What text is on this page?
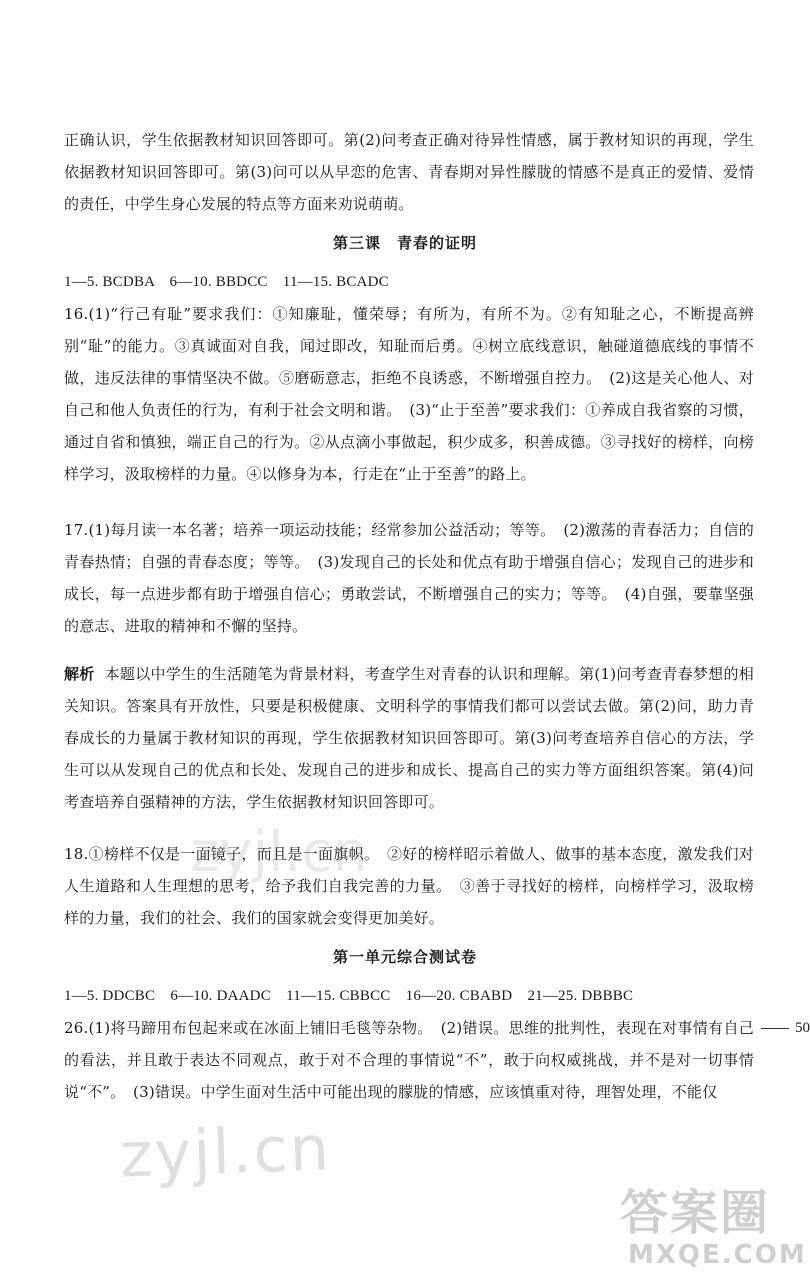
正确认识，学生依据教材知识回答即可。第(2)问考查正确对待异性情感，属于教材知识的再现，学生依据教材知识回答即可。第(3)问可以从早恋的危害、青春期对异性朦胧的情感不是真正的爱情、爱情的责任，中学生身心发展的特点等方面来劝说萌萌。

第三课　青春的证明

1—5. BCDBA　6—10. BBDCC　11—15. BCADC

16.(1)“行己有耻”要求我们：①知廉耻，懂荣辱；有所为，有所不为。②有知耻之心，不断提高辨别“耻”的能力。③真诚面对自我，闻过即改，知耻而后勇。④树立底线意识，触碰道德底线的事情不做，违反法律的事情坚决不做。⑤磨砺意志，拒绝不良诱惑，不断增强自控力。　(2)这是关心他人、对自己和他人负责任的行为，有利于社会文明和谐。　(3)“止于至善”要求我们：①养成自我省察的习惯，通过自省和慎独，端正自己的行为。②从点滴小事做起，积少成多，积善成德。③寻找好的榜样，向榜样学习，汲取榜样的力量。④以修身为本，行走在“止于至善”的路上。

17.(1)每月读一本名著；培养一项运动技能；经常参加公益活动；等等。　(2)激荡的青春活力；自信的青春热情；自强的青春态度；等等。　(3)发现自己的长处和优点有助于增强自信心；发现自己的进步和成长，每一点进步都有助于增强自信心；勇敢尝试，不断增强自己的实力；等等。　(4)自强，要靠坚强的意志、进取的精神和不懈的坚持。

解析 本题以中学生的生活随笔为背景材料，考查学生对青春的认识和理解。第(1)问考查青春梦想的相关知识。答案具有开放性，只要是积极健康、文明科学的事情我们都可以尝试去做。第(2)问，助力青春成长的力量属于教材知识的再现，学生依据教材知识回答即可。第(3)问考查培养自信心的方法，学生可以从发现自己的优点和长处、发现自己的进步和成长、提高自己的实力等方面组织答案。第(4)问考查培养自强精神的方法，学生依据教材知识回答即可。

18.①榜样不仅是一面镜子，而且是一面旗帜。　②好的榜样昭示着做人、做事的基本态度，激发我们对人生道路和人生理想的思考，给予我们自我完善的力量。　③善于寻找好的榜样，向榜样学习，汲取榜样的力量，我们的社会、我们的国家就会变得更加美好。

第一单元综合测试卷

1—5. DDCBC　6—10. DAADC　11—15. CBBCC　16—20. CBABD　21—25. DBBBC

26.(1)将马蹄用布包起来或在冰面上铺旧毛毯等杂物。　(2)错误。思维的批判性，表现在对事情有自己的看法，并且敢于表达不同观点，敢于对不合理的事情说“不”，敢于向权威挑战，并不是对一切事情说“不”。　(3)错误。中学生面对生活中可能出现的朦胧的情感，应该慎重对待，理智处理，不能仅

50
zyjl.cn
zyjl.cn
答案圈
MXQE.COM
